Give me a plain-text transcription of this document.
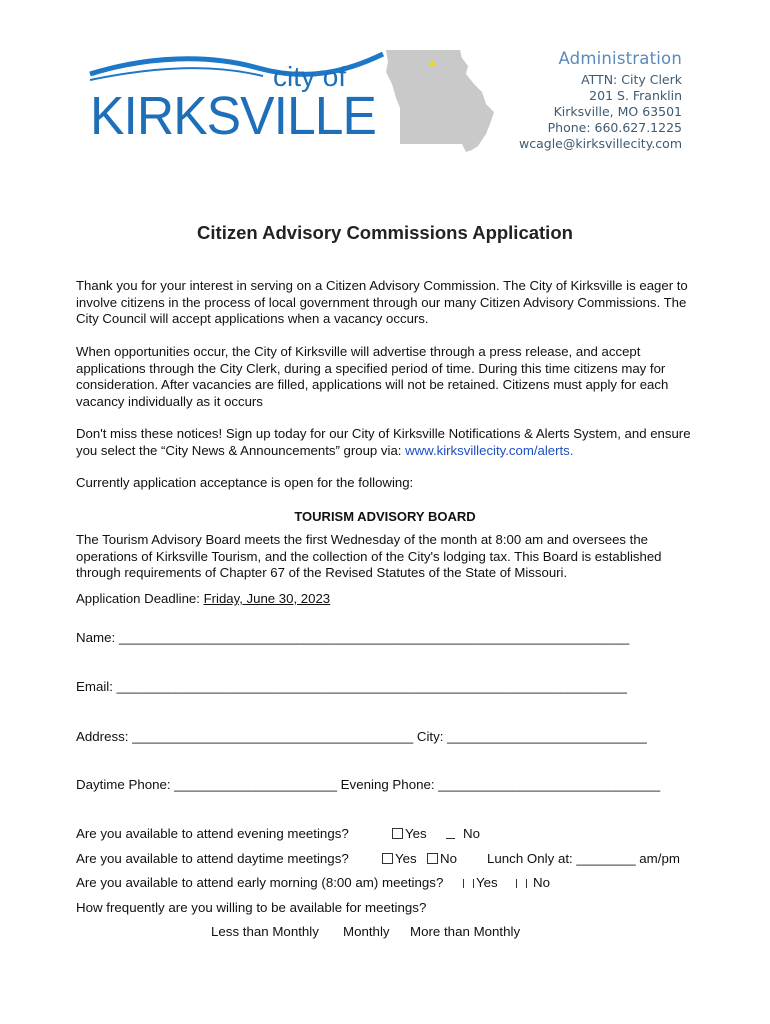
city of
KIRKSVILLE
Administration
ATTN: City Clerk
201 S. Franklin
Kirksville, MO 63501
Phone: 660.627.1225
wcagle@kirksvillecity.com
Citizen Advisory Commissions Application
Thank you for your interest in serving on a Citizen Advisory Commission. The City of Kirksville is eager to involve citizens in the process of local government through our many Citizen Advisory Commissions. The City Council will accept applications when a vacancy occurs.
When opportunities occur, the City of Kirksville will advertise through a press release, and accept applications through the City Clerk, during a specified period of time. During this time citizens may for consideration. After vacancies are filled, applications will not be retained. Citizens must apply for each vacancy individually as it occurs
Don't miss these notices! Sign up today for our City of Kirksville Notifications & Alerts System, and ensure you select the “City News & Announcements” group via: www.kirksvillecity.com/alerts.
Currently application acceptance is open for the following:
TOURISM ADVISORY BOARD
The Tourism Advisory Board meets the first Wednesday of the month at 8:00 am and oversees the operations of Kirksville Tourism, and the collection of the City's lodging tax. This Board is established through requirements of Chapter 67 of the Revised Statutes of the State of Missouri.
Application Deadline: Friday, June 30, 2023
Name: _____________________________________________________________________
Email: _____________________________________________________________________
Address: ______________________________________ City: ___________________________
Daytime Phone: ______________________ Evening Phone: ______________________________
Are you available to attend evening meetings?	Yes	No
Are you available to attend daytime meetings?	Yes	No Lunch Only at: ________ am/pm
Are you available to attend early morning (8:00 am) meetings?	Yes	No
How frequently are you willing to be available for meetings?
Less than Monthly Monthly More than Monthly
